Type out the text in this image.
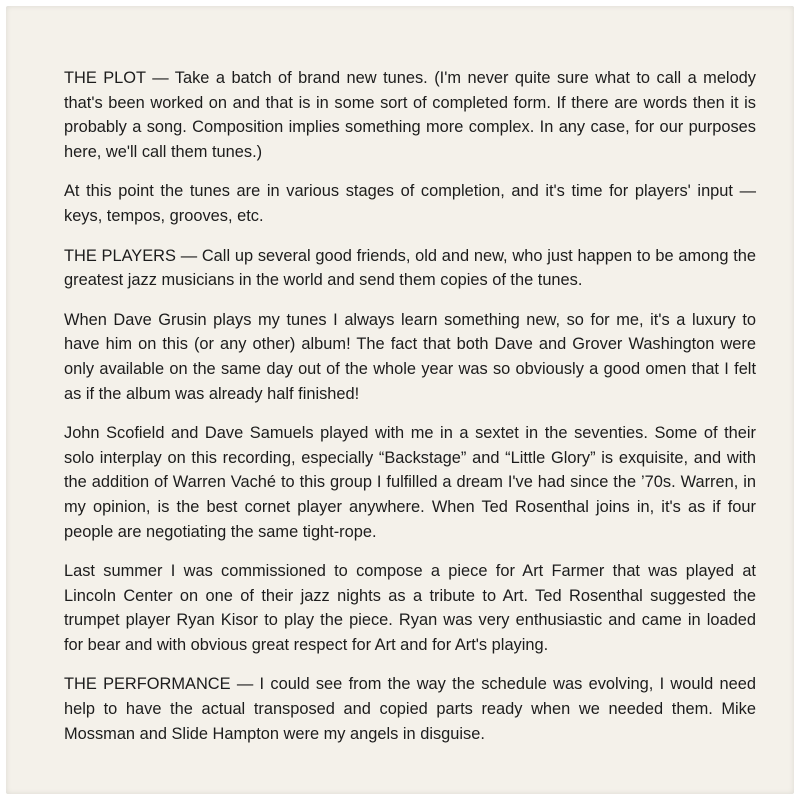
THE PLOT — Take a batch of brand new tunes. (I'm never quite sure what to call a melody that's been worked on and that is in some sort of completed form. If there are words then it is probably a song. Composition implies something more complex. In any case, for our purposes here, we'll call them tunes.)

At this point the tunes are in various stages of completion, and it's time for players' input — keys, tempos, grooves, etc.

THE PLAYERS — Call up several good friends, old and new, who just happen to be among the greatest jazz musicians in the world and send them copies of the tunes.

When Dave Grusin plays my tunes I always learn something new, so for me, it's a luxury to have him on this (or any other) album! The fact that both Dave and Grover Washington were only available on the same day out of the whole year was so obviously a good omen that I felt as if the album was already half finished!

John Scofield and Dave Samuels played with me in a sextet in the seventies. Some of their solo interplay on this recording, especially “Backstage” and “Little Glory” is exquisite, and with the addition of Warren Vaché to this group I fulfilled a dream I've had since the ’70s. Warren, in my opinion, is the best cornet player anywhere. When Ted Rosenthal joins in, it's as if four people are negotiating the same tight-rope.

Last summer I was commissioned to compose a piece for Art Farmer that was played at Lincoln Center on one of their jazz nights as a tribute to Art. Ted Rosenthal suggested the trumpet player Ryan Kisor to play the piece. Ryan was very enthusiastic and came in loaded for bear and with obvious great respect for Art and for Art's playing.

THE PERFORMANCE — I could see from the way the schedule was evolving, I would need help to have the actual transposed and copied parts ready when we needed them. Mike Mossman and Slide Hampton were my angels in disguise.
